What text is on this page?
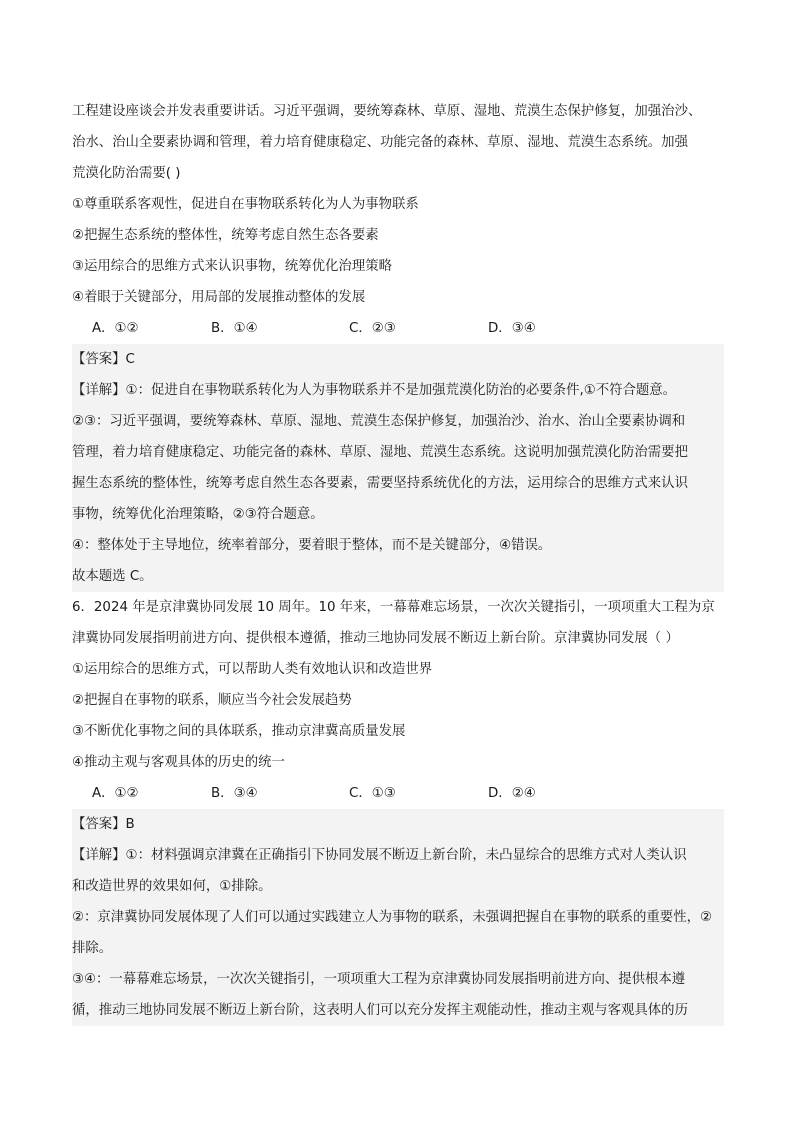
工程建设座谈会并发表重要讲话。习近平强调，要统筹森林、草原、湿地、荒漠生态保护修复，加强治沙、
治水、治山全要素协调和管理，着力培育健康稳定、功能完备的森林、草原、湿地、荒漠生态系统。加强
荒漠化防治需要( )
①尊重联系客观性，促进自在事物联系转化为人为事物联系
②把握生态系统的整体性，统筹考虑自然生态各要素
③运用综合的思维方式来认识事物，统筹优化治理策略
④着眼于关键部分，用局部的发展推动整体的发展
A．①②	B．①④	C．②③	D．③④
【答案】C
【详解】①：促进自在事物联系转化为人为事物联系并不是加强荒漠化防治的必要条件,①不符合题意。
②③：习近平强调，要统筹森林、草原、湿地、荒漠生态保护修复，加强治沙、治水、治山全要素协调和
管理，着力培育健康稳定、功能完备的森林、草原、湿地、荒漠生态系统。这说明加强荒漠化防治需要把
握生态系统的整体性，统筹考虑自然生态各要素，需要坚持系统优化的方法，运用综合的思维方式来认识
事物，统筹优化治理策略，②③符合题意。
④：整体处于主导地位，统率着部分，要着眼于整体，而不是关键部分，④错误。
故本题选 C。
6．2024 年是京津冀协同发展 10 周年。10 年来，一幕幕难忘场景，一次次关键指引，一项项重大工程为京
津冀协同发展指明前进方向、提供根本遵循，推动三地协同发展不断迈上新台阶。京津冀协同发展（ ）
①运用综合的思维方式，可以帮助人类有效地认识和改造世界
②把握自在事物的联系，顺应当今社会发展趋势
③不断优化事物之间的具体联系，推动京津冀高质量发展
④推动主观与客观具体的历史的统一
A．①②	B．③④	C．①③	D．②④
【答案】B
【详解】①：材料强调京津冀在正确指引下协同发展不断迈上新台阶，未凸显综合的思维方式对人类认识
和改造世界的效果如何，①排除。
②：京津冀协同发展体现了人们可以通过实践建立人为事物的联系，未强调把握自在事物的联系的重要性，②
排除。
③④：一幕幕难忘场景，一次次关键指引，一项项重大工程为京津冀协同发展指明前进方向、提供根本遵
循，推动三地协同发展不断迈上新台阶，这表明人们可以充分发挥主观能动性，推动主观与客观具体的历
